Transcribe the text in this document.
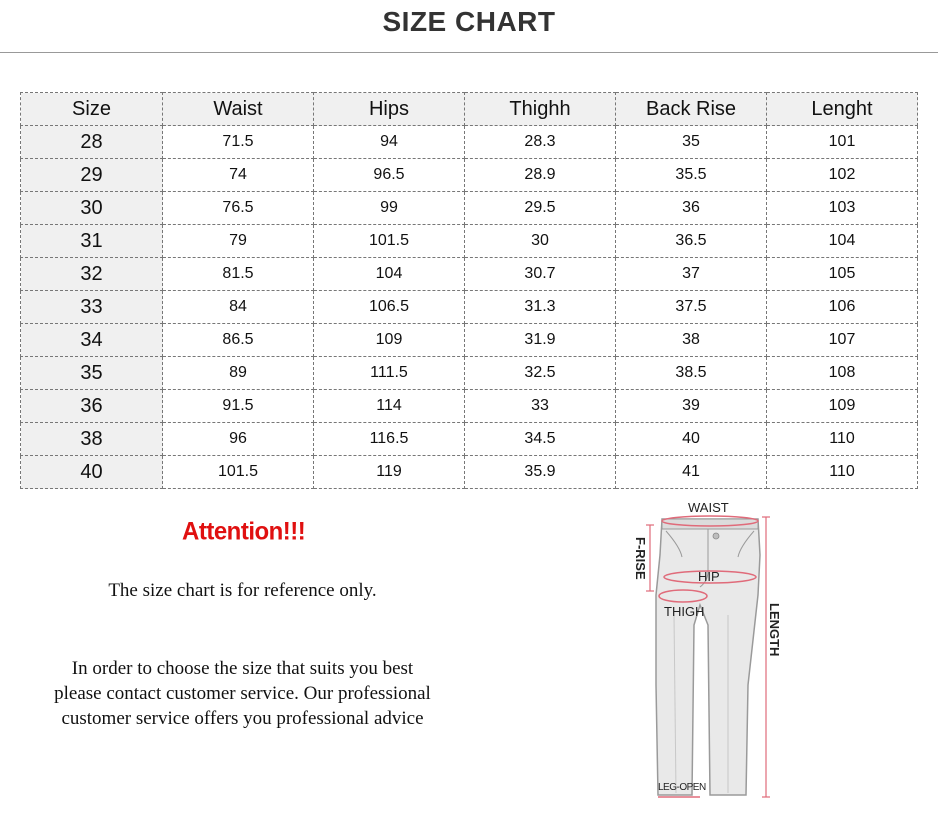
SIZE CHART
Size	Waist	Hips	Thighh	Back Rise	Lenght
28	71.5	94	28.3	35	101
29	74	96.5	28.9	35.5	102
30	76.5	99	29.5	36	103
31	79	101.5	30	36.5	104
32	81.5	104	30.7	37	105
33	84	106.5	31.3	37.5	106
34	86.5	109	31.9	38	107
35	89	111.5	32.5	38.5	108
36	91.5	114	33	39	109
38	96	116.5	34.5	40	110
40	101.5	119	35.9	41	110
Attention!!!
The size chart is for reference only.
In order to choose the size that suits you best
please contact customer service. Our professional
customer service offers you professional advice
WAIST
HIP
THIGH
LEG-OPEN
F-RISE
LENGTH
